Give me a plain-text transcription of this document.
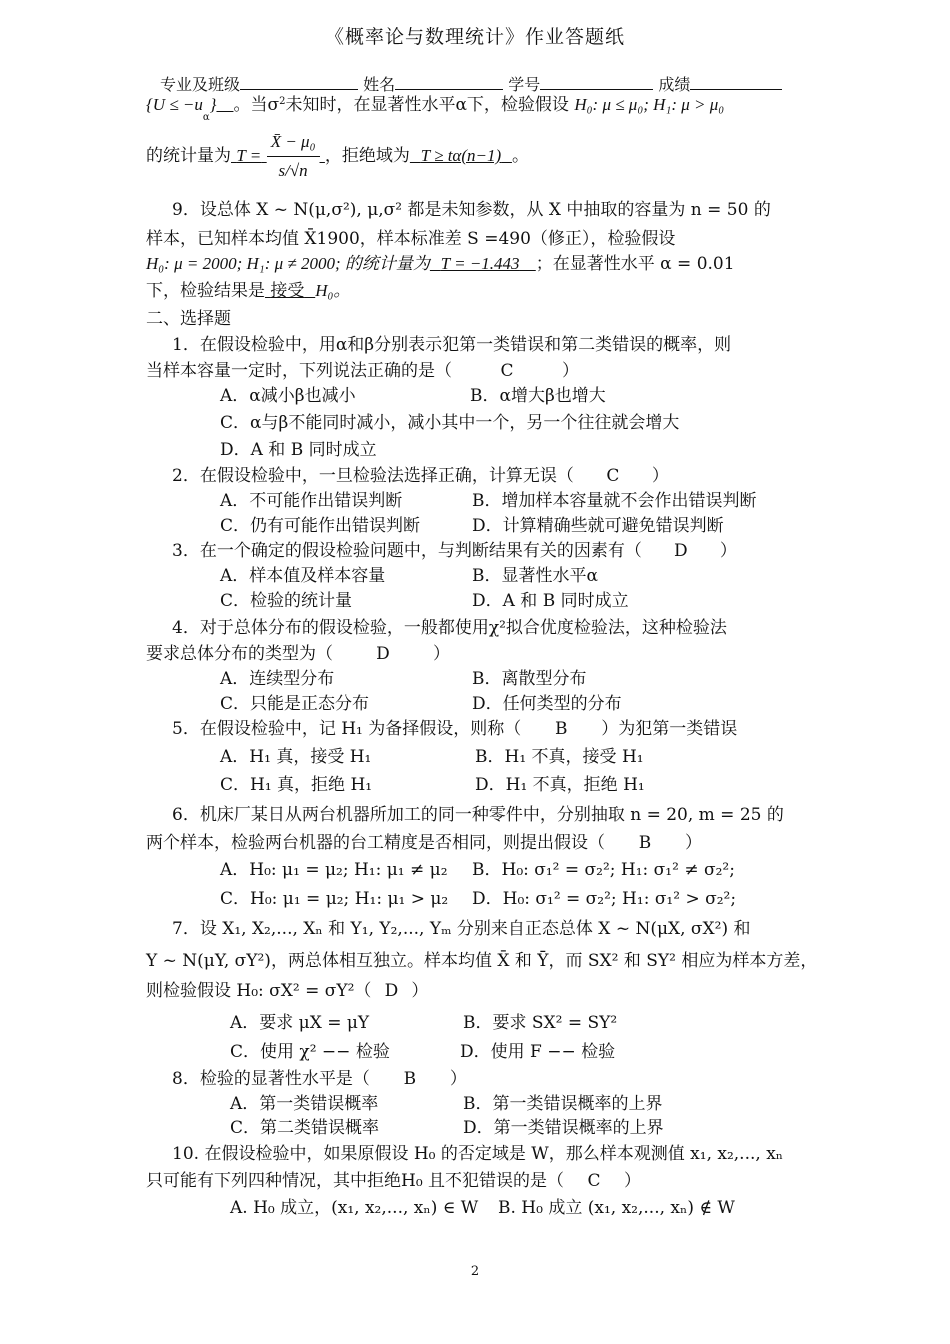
《概率论与数理统计》作业答题纸
专业及班级	姓名	学号	成绩
$\{U \le -u_\alpha\}$  。当$\sigma^2$未知时，在显著性水平α下，检验假设 H₀: μ ≤ μ₀; H₁: μ > μ₀
的统计量为 $T = \frac{\text{X̄ − μ₀}}{s/√n}$ ，拒绝域为 T ≥ tα(n−1) 。
9．设总体 X ~ N(μ,σ²), μ,σ² 都是未知参数，从 X 中抽取的容量为 n = 50 的
样本，已知样本均值 X̄1900，样本标准差 S =490（修正），检验假设
H₀: μ = 2000; H₁: μ ≠ 2000; 的统计量为 T = −1.443 ；在显著性水平 α = 0.01
下，检验结果是 接受 H₀。
二、选择题
1．在假设检验中，用α和β分别表示犯第一类错误和第二类错误的概率，则
当样本容量一定时，下列说法正确的是（	C	）
A．α减小β也减小	B．α增大β也增大
C．α与β不能同时减小，减小其中一个，另一个往往就会增大
D．A 和 B 同时成立
2．在假设检验中，一旦检验法选择正确，计算无误（ C ）
A．不可能作出错误判断	B．增加样本容量就不会作出错误判断
C．仍有可能作出错误判断	D．计算精确些就可避免错误判断
3．在一个确定的假设检验问题中，与判断结果有关的因素有（ D ）
A．样本值及样本容量	B．显著性水平α
C．检验的统计量	D．A 和 B 同时成立
4．对于总体分布的假设检验，一般都使用χ²拟合优度检验法，这种检验法
要求总体分布的类型为（	D	）
A．连续型分布	B．离散型分布
C．只能是正态分布	D．任何类型的分布
5．在假设检验中，记 H₁ 为备择假设，则称（ B ）为犯第一类错误
A．H₁ 真，接受 H₁	B．H₁ 不真，接受 H₁
C．H₁ 真，拒绝 H₁	D．H₁ 不真，拒绝 H₁
6．机床厂某日从两台机器所加工的同一种零件中，分别抽取 n = 20, m = 25 的
两个样本，检验两台机器的台工精度是否相同，则提出假设（ B ）
A．H₀: μ₁ = μ₂; H₁: μ₁ ≠ μ₂ B．H₀: σ₁² = σ₂²; H₁: σ₁² ≠ σ₂²;
C．H₀: μ₁ = μ₂; H₁: μ₁ > μ₂ D．H₀: σ₁² = σ₂²; H₁: σ₁² > σ₂²;
7．设 X₁, X₂,..., Xₙ 和 Y₁, Y₂,..., Yₘ 分别来自正态总体 X ~ N(μX, σX²) 和
Y ~ N(μY, σY²)，两总体相互独立。样本均值 X̄ 和 Ȳ，而 SX² 和 SY² 相应为样本方差，
则检验假设 H₀: σX² = σY²（ D ）
A．要求 μX = μY	B．要求 SX² = SY²
C．使用 χ² −− 检验	D．使用 F −− 检验
8．检验的显著性水平是（ B ）
A．第一类错误概率	B．第一类错误概率的上界
C．第二类错误概率	D．第一类错误概率的上界
10. 在假设检验中，如果原假设 H₀ 的否定域是 W，那么样本观测值 x₁, x₂,..., xₙ
只可能有下列四种情况，其中拒绝H₀ 且不犯错误的是（ C ）
A. H₀ 成立，(x₁, x₂,..., xₙ) ∈ W B. H₀ 成立 (x₁, x₂,..., xₙ) ∉ W
2
